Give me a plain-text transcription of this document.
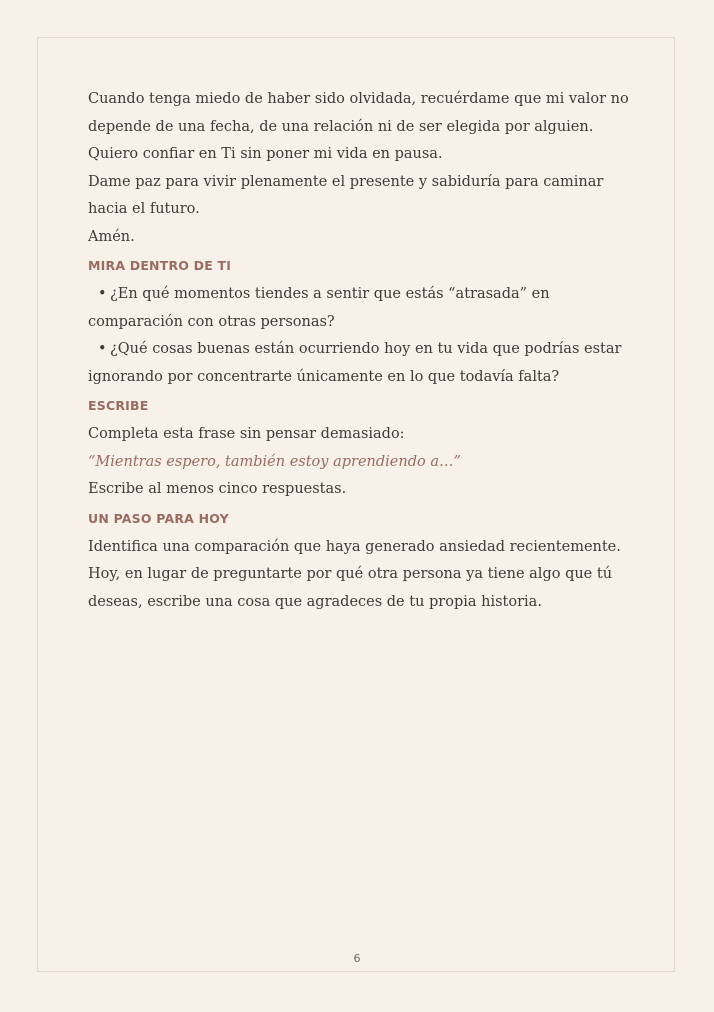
Cuando tenga miedo de haber sido olvidada, recuérdame que mi valor no depende de una fecha, de una relación ni de ser elegida por alguien.

Quiero confiar en Ti sin poner mi vida en pausa.

Dame paz para vivir plenamente el presente y sabiduría para caminar hacia el futuro.

Amén.

MIRA DENTRO DE TI

• ¿En qué momentos tiendes a sentir que estás “atrasada” en comparación con otras personas?

• ¿Qué cosas buenas están ocurriendo hoy en tu vida que podrías estar ignorando por concentrarte únicamente en lo que todavía falta?

ESCRIBE

Completa esta frase sin pensar demasiado:

“Mientras espero, también estoy aprendiendo a…”

Escribe al menos cinco respuestas.

UN PASO PARA HOY

Identifica una comparación que haya generado ansiedad recientemente.

Hoy, en lugar de preguntarte por qué otra persona ya tiene algo que tú deseas, escribe una cosa que agradeces de tu propia historia.

6
